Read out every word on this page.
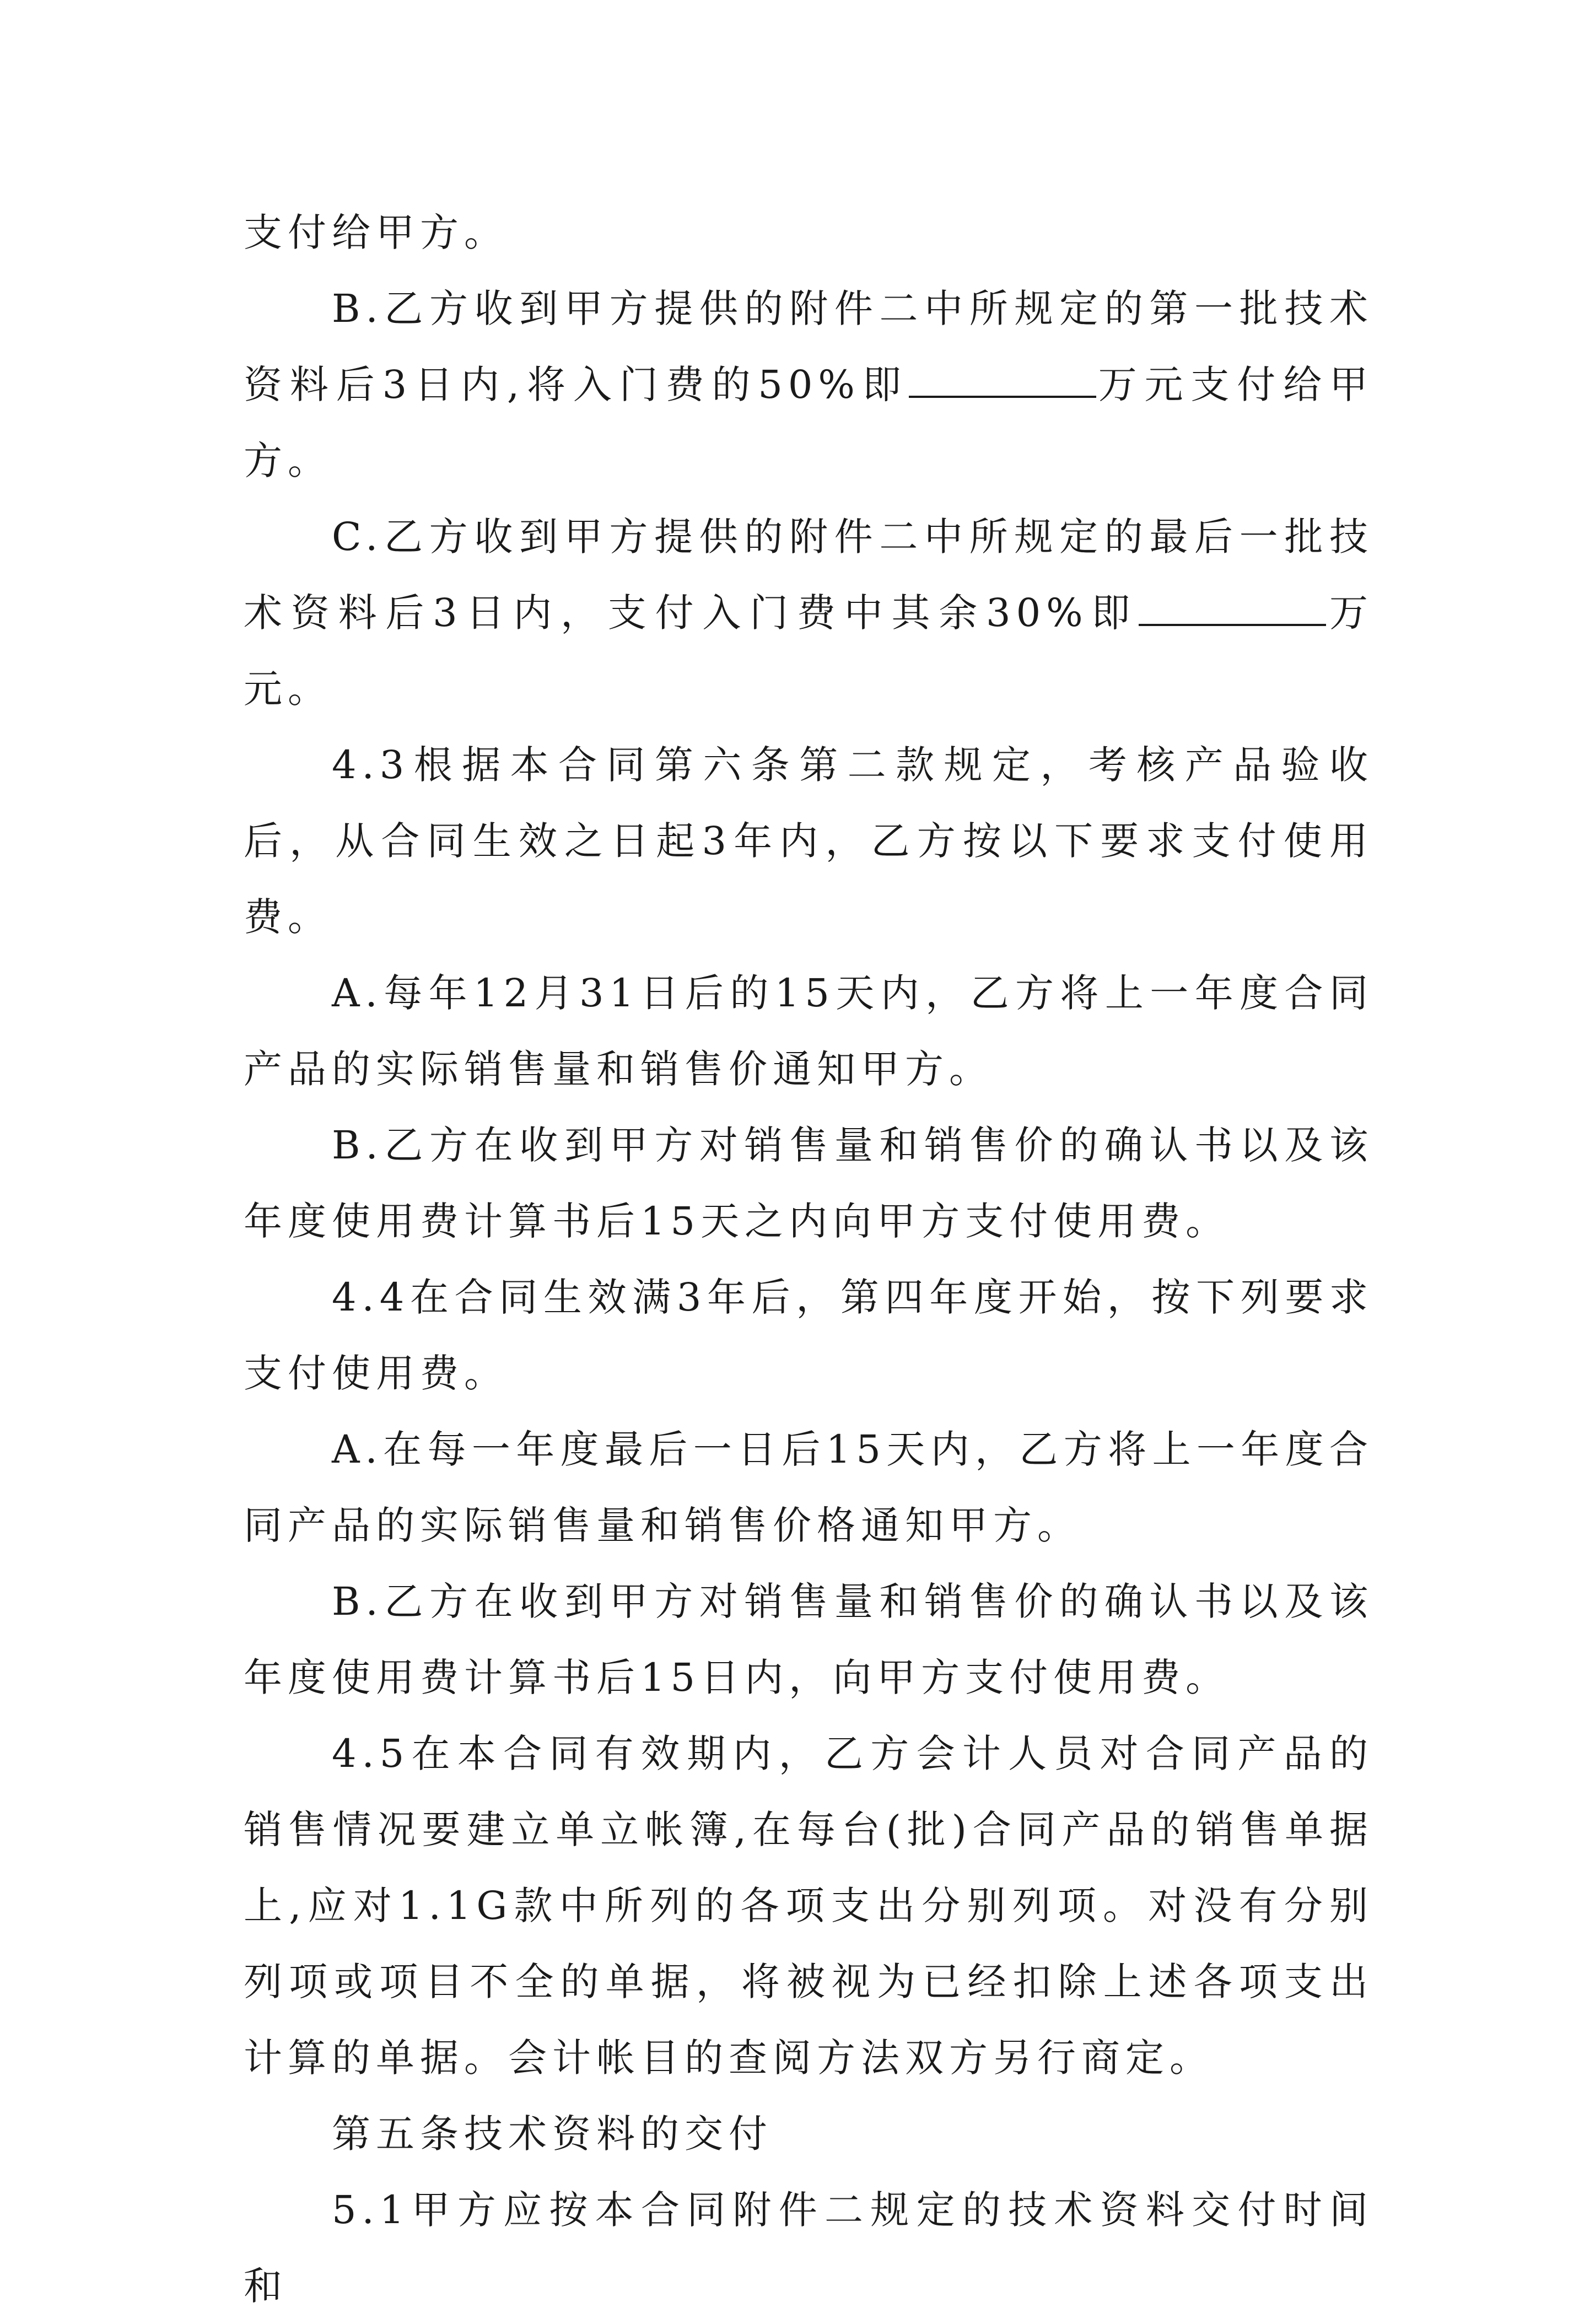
支付给甲方。

B.乙方收到甲方提供的附件二中所规定的第一批技术资料后3日内,将入门费的50%即	万元支付给甲方。

C.乙方收到甲方提供的附件二中所规定的最后一批技术资料后3日内，支付入门费中其余30%即	万元。

4.3根据本合同第六条第二款规定，考核产品验收后，从合同生效之日起3年内，乙方按以下要求支付使用费。

A.每年12月31日后的15天内，乙方将上一年度合同产品的实际销售量和销售价通知甲方。

B.乙方在收到甲方对销售量和销售价的确认书以及该年度使用费计算书后15天之内向甲方支付使用费。

4.4在合同生效满3年后，第四年度开始，按下列要求支付使用费。

A.在每一年度最后一日后15天内，乙方将上一年度合同产品的实际销售量和销售价格通知甲方。

B.乙方在收到甲方对销售量和销售价的确认书以及该年度使用费计算书后15日内，向甲方支付使用费。

4.5在本合同有效期内，乙方会计人员对合同产品的销售情况要建立单立帐簿,在每台(批)合同产品的销售单据上,应对1.1G款中所列的各项支出分别列项。对没有分别列项或项目不全的单据，将被视为已经扣除上述各项支出计算的单据。会计帐目的查阅方法双方另行商定。

第五条技术资料的交付

5.1甲方应按本合同附件二规定的技术资料交付时间和
